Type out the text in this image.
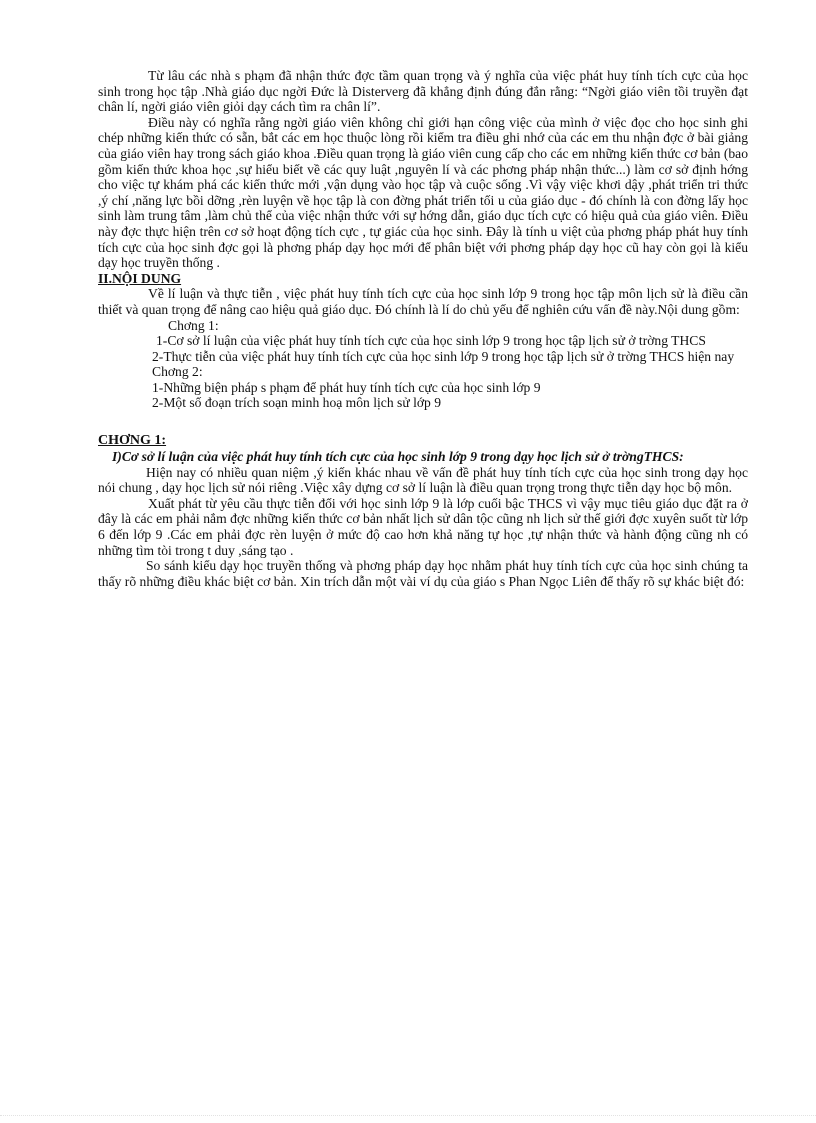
Từ lâu các nhà s phạm đã nhận thức đợc tầm quan trọng và ý nghĩa của việc phát huy tính tích cực của học sinh trong học tập .Nhà giáo dục ngời Đức là Disterverg đã khẳng định đúng đắn rằng: “Ngời giáo viên tồi truyền đạt chân lí, ngời giáo viên giỏi dạy cách tìm ra chân lí”.

Điều này có nghĩa rằng ngời giáo viên không chỉ giới hạn công việc của mình ở việc đọc cho học sinh ghi chép những kiến thức có sẵn, bắt các em học thuộc lòng rồi kiểm tra điều ghi nhớ của các em thu nhận đợc ở bài giảng của giáo viên hay trong sách giáo khoa .Điều quan trọng là giáo viên cung cấp cho các em những kiến thức cơ bản (bao gồm kiến thức khoa học ,sự hiểu biết về các quy luật ,nguyên lí và các phơng pháp nhận thức...) làm cơ sở định hớng cho việc tự khám phá các kiến thức mới ,vận dụng vào học tập và cuộc sống .Vì vậy việc khơi dậy ,phát triển tri thức ,ý chí ,năng lực bồi dỡng ,rèn luyện về học tập là con đờng phát triển tối u của giáo dục - đó chính là con đờng lấy học sinh làm trung tâm ,làm chủ thể của việc nhận thức với sự hớng dẫn, giáo dục tích cực có hiệu quả của giáo viên. Điều này đợc thực hiện trên cơ sở hoạt động tích cực , tự giác của học sinh. Đây là tính u việt của phơng pháp phát huy tính tích cực của học sinh đợc gọi là phơng pháp dạy học mới để phân biệt với phơng pháp dạy học cũ hay còn gọi là kiểu dạy học truyền thống .

II.NỘI DUNG

Về lí luận và thực tiễn , việc phát huy tính tích cực của học sinh lớp 9 trong học tập môn lịch sử là điều cần thiết và quan trọng để nâng cao hiệu quả giáo dục. Đó chính là lí do chủ yếu để nghiên cứu vấn đề này.Nội dung gồm:

Chơng 1:
1-Cơ sở lí luận của việc phát huy tính tích cực của học sinh lớp 9 trong học tập lịch sử ở trờng THCS
2-Thực tiễn của việc phát huy tính tích cực của học sinh lớp 9 trong học tập lịch sử ở trờng THCS hiện nay
Chơng 2:
1-Những biện pháp s phạm để phát huy tính tích cực của học sinh lớp 9
2-Một số đoạn trích soạn minh hoạ môn lịch sử lớp 9
CHƠNG 1:
I)Cơ sở lí luận của việc phát huy tính tích cực của học sinh lớp 9 trong dạy học lịch sử ở trờngTHCS:

Hiện nay có nhiều quan niệm ,ý kiến khác nhau về vấn đề phát huy tính tích cực của học sinh trong dạy học nói chung , dạy học lịch sử nói riêng .Việc xây dựng cơ sở lí luận là điều quan trọng trong thực tiễn dạy học bộ môn.

Xuất phát từ yêu cầu thực tiễn đối với học sinh lớp 9 là lớp cuối bậc THCS vì vậy mục tiêu giáo dục đặt ra ở đây là các em phải nắm đợc những kiến thức cơ bản nhất lịch sử dân tộc cũng nh lịch sử thế giới đợc xuyên suốt từ lớp 6 đến lớp 9 .Các em phải đợc rèn luyện ở mức độ cao hơn khả năng tự học ,tự nhận thức và hành động cũng nh có những tìm tòi trong t duy ,sáng tạo .

So sánh kiểu dạy học truyền thống và phơng pháp dạy học nhằm phát huy tính tích cực của học sinh chúng ta thấy rõ những điều khác biệt cơ bản. Xin trích dẫn một vài ví dụ của giáo s Phan Ngọc Liên để thấy rõ sự khác biệt đó:
